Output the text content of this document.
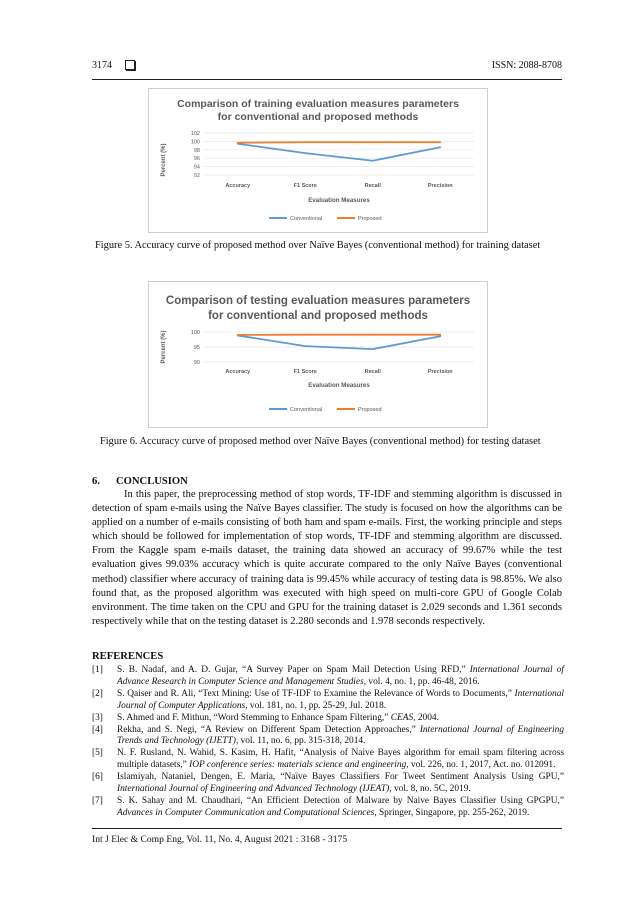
3174	ISSN: 2088-8708
Comparison of training evaluation measures parameters
for conventional and proposed methods
Percent (%)
Evaluation Measures
102
100
98
96
94
92
Accuracy	F1 Score	Recall	Precision
Conventional	Proposed
Figure 5. Accuracy curve of proposed method over Naïve Bayes (conventional method) for training dataset
Comparison of testing evaluation measures parameters
for conventional and proposed methods
Percent (%)
Evaluation Measures
100
95
90
Accuracy	F1 Score	Recall	Precision
Conventional	Proposed
Figure 6. Accuracy curve of proposed method over Naïve Bayes (conventional method) for testing dataset
6. CONCLUSION
In this paper, the preprocessing method of stop words, TF-IDF and stemming algorithm is discussed in detection of spam e-mails using the Naïve Bayes classifier. The study is focused on how the algorithms can be applied on a number of e-mails consisting of both ham and spam e-mails. First, the working principle and steps which should be followed for implementation of stop words, TF-IDF and stemming algorithm are discussed. From the Kaggle spam e-mails dataset, the training data showed an accuracy of 99.67% while the test evaluation gives 99.03% accuracy which is quite accurate compared to the only Naïve Bayes (conventional method) classifier where accuracy of training data is 99.45% while accuracy of testing data is 98.85%. We also found that, as the proposed algorithm was executed with high speed on multi-core GPU of Google Colab environment. The time taken on the CPU and GPU for the training dataset is 2.029 seconds and 1.361 seconds respectively while that on the testing dataset is 2.280 seconds and 1.978 seconds respectively.
REFERENCES
[1]	S. B. Nadaf, and A. D. Gujar, “A Survey Paper on Spam Mail Detection Using RFD,” International Journal of Advance Research in Computer Science and Management Studies, vol. 4, no. 1, pp. 46-48, 2016.
[2]	S. Qaiser and R. Ali, “Text Mining: Use of TF-IDF to Examine the Relevance of Words to Documents,” International Journal of Computer Applications, vol. 181, no. 1, pp. 25-29, Jul. 2018.
[3]	S. Ahmed and F. Mithun, “Word Stemming to Enhance Spam Filtering,” CEAS, 2004.
[4]	Rekha, and S. Negi, “A Review on Different Spam Detection Approaches,” International Journal of Engineering Trends and Technology (IJETT), vol. 11, no. 6, pp. 315-318, 2014.
[5]	N. F. Rusland, N. Wahid, S. Kasim, H. Hafit, “Analysis of Naive Bayes algorithm for email spam filtering across multiple datasets,” IOP conference series: materials science and engineering, vol. 226, no. 1, 2017, Act. no. 012091.
[6]	Islamiyah, Nataniel, Dengen, E. Maria, “Naïve Bayes Classifiers For Tweet Sentiment Analysis Using GPU,” International Journal of Engineering and Advanced Technology (IJEAT), vol. 8, no. 5C, 2019.
[7]	S. K. Sahay and M. Chaudhari, “An Efficient Detection of Malware by Naive Bayes Classifier Using GPGPU,” Advances in Computer Communication and Computational Sciences, Springer, Singapore, pp. 255-262, 2019.
Int J Elec & Comp Eng, Vol. 11, No. 4, August 2021 : 3168 - 3175
